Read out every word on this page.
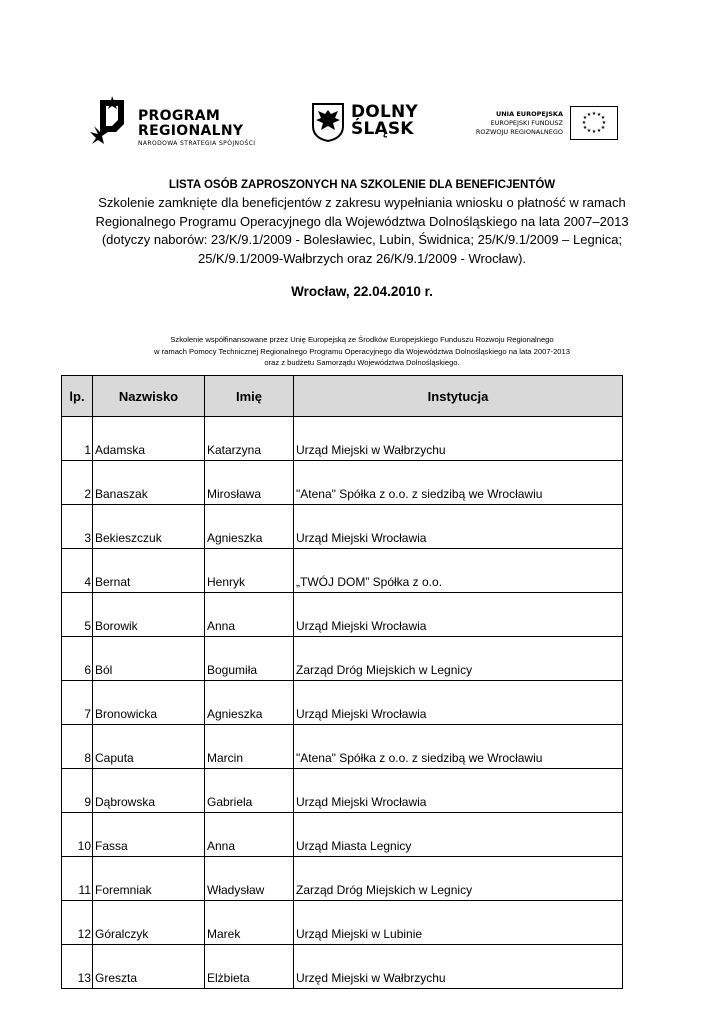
PROGRAM
REGIONALNY
NARODOWA STRATEGIA SPÓJNOŚCI
DOLNY
ŚLĄSK
UNIA EUROPEJSKA
EUROPEJSKI FUNDUSZ
ROZWOJU REGIONALNEGO
★ ★ ★
★
★
★
★
★
★
★
★ ★
LISTA OSÓB ZAPROSZONYCH NA SZKOLENIE DLA BENEFICJENTÓW
Szkolenie zamknięte dla beneficjentów z zakresu wypełniania wniosku o płatność w ramach
Regionalnego Programu Operacyjnego dla Województwa Dolnośląskiego na lata 2007–2013
(dotyczy naborów: 23/K/9.1/2009 - Bolesławiec, Lubin, Świdnica; 25/K/9.1/2009 – Legnica;
25/K/9.1/2009-Wałbrzych oraz 26/K/9.1/2009 - Wrocław).
Wrocław, 22.04.2010 r.
Szkolenie współfinansowane przez Unię Europejską ze Środków Europejskiego Funduszu Rozwoju Regionalnego
w ramach Pomocy Technicznej Regionalnego Programu Operacyjnego dla Województwa Dolnośląskiego na lata 2007-2013
oraz z budżetu Samorządu Województwa Dolnośląskiego.
lp.	Nazwisko	Imię	Instytucja
1	Adamska	Katarzyna	Urząd Miejski w Wałbrzychu
2	Banaszak	Mirosława	"Atena" Spółka z o.o. z siedzibą we Wrocławiu
3	Bekieszczuk	Agnieszka	Urząd Miejski Wrocławia
4	Bernat	Henryk	„TWÓJ DOM” Spółka z o.o.
5	Borowik	Anna	Urząd Miejski Wrocławia
6	Ból	Bogumiła	Zarząd Dróg Miejskich w Legnicy
7	Bronowicka	Agnieszka	Urząd Miejski Wrocławia
8	Caputa	Marcin	"Atena" Spółka z o.o. z siedzibą we Wrocławiu
9	Dąbrowska	Gabriela	Urząd Miejski Wrocławia
10	Fassa	Anna	Urząd Miasta Legnicy
11	Foremniak	Władysław	Zarząd Dróg Miejskich w Legnicy
12	Góralczyk	Marek	Urząd Miejski w Lubinie
13	Greszta	Elżbieta	Urzęd Miejski w Wałbrzychu
